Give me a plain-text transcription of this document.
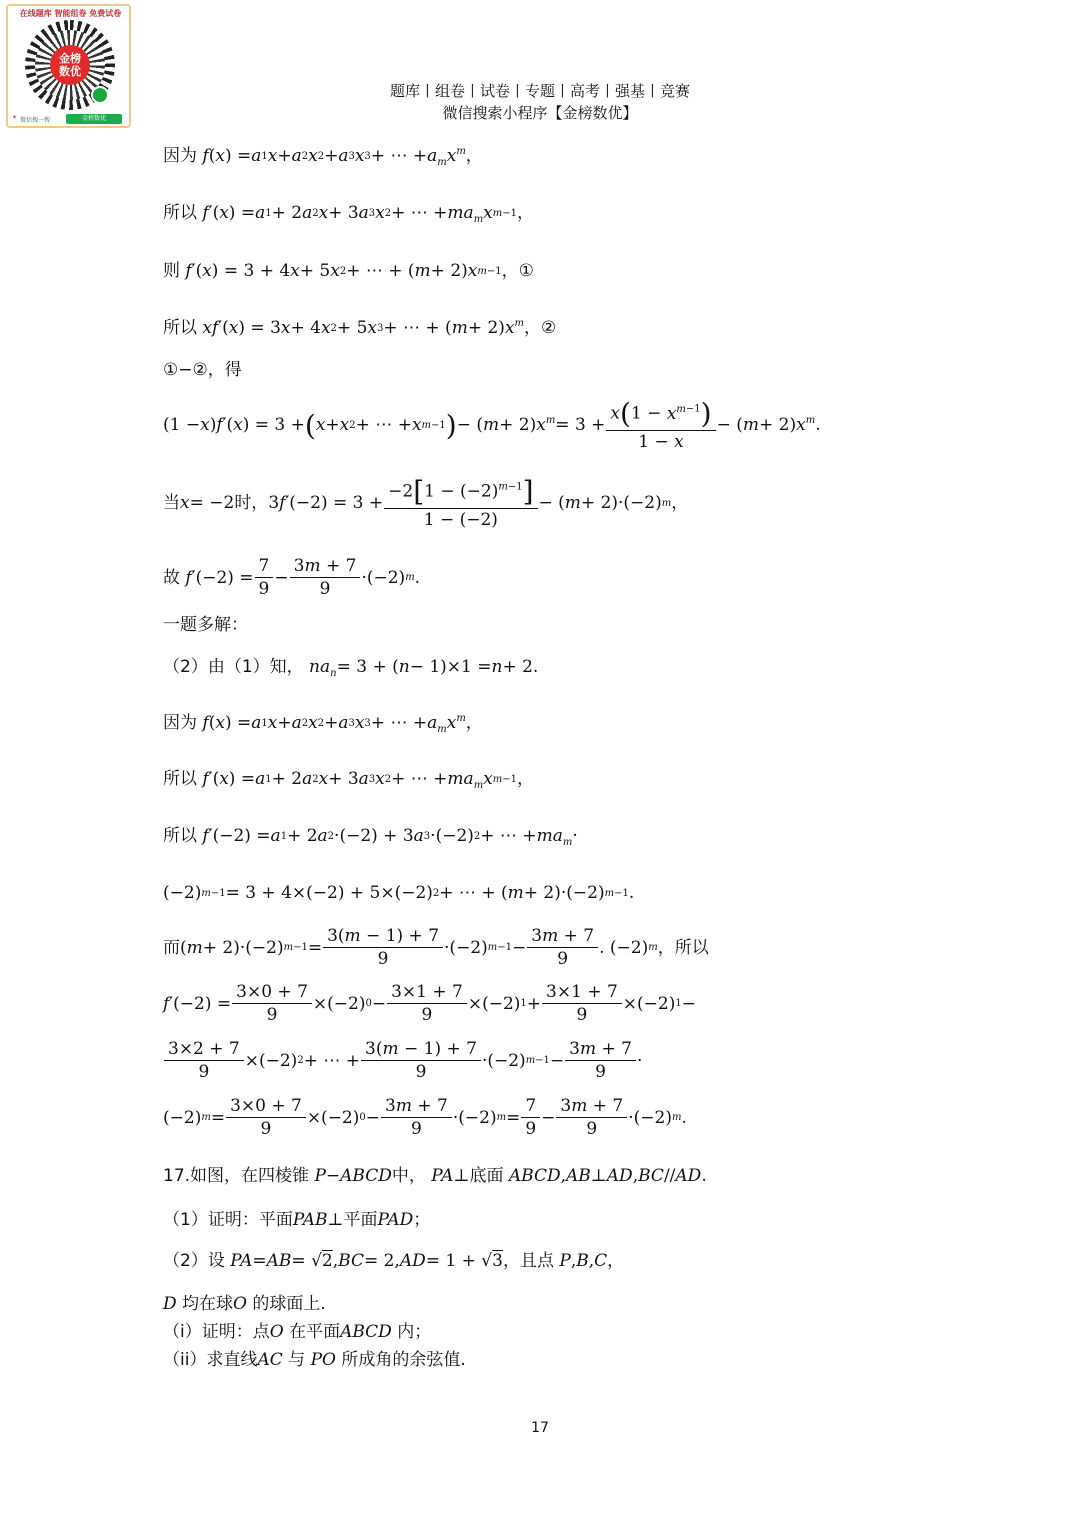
在线题库 智能组卷 免费试卷
金榜
数优
✶ 微信搜一搜	金榜数优
题库丨组卷丨试卷丨专题丨高考丨强基丨竞赛
微信搜索小程序【金榜数优】
因为
f ( x ) = a 1 x + a 2 x 2 + a 3 x 3 + ⋯ + $a_mx^m$ ，
所以
f ′( x ) = a 1 + 2 a 2 x + 3 a 3 x 2 + ⋯ + $ma_mx$ m−1 ，
则
f ′( x ) = 3 + 4 x + 5 x 2 + ⋯ + ( m + 2) x m−1 ， ①
所以
xf ′( x ) = 3 x + 4 x 2 + 5 x 3 + ⋯ + ( m + 2) $x^m$ ， ②
①−②，得
(1 − x ) f ′( x ) = 3 + ( x + x 2 + ⋯ + x m−1 ) − ( m + 2) $x^m = 3 + \frac{x(1 - x^{m-1})}{1 - x}$ − ( m + 2) $x^m$ .
当 x = −2 时， 3 f $'(-2) = 3 + \frac{-2[1 - (-2)^{m-1}]}{1 - (-2)}$ − ( m + 2)·(−2) m ，
故
f $'(-2) = \frac{7}{9} - \frac{3m + 7}{9} \cdot(-2)$ m .
一题多解：
（2）由（1）知，
$na_n = 3$ + ( n − 1)×1 = n + 2.
因为
f ( x ) = a 1 x + a 2 x 2 + a 3 x 3 + ⋯ + $a_mx^m$ ，
所以
f ′( x ) = a 1 + 2 a 2 x + 3 a 3 x 2 + ⋯ + $ma_mx$ m−1 ，
所以
f ′(−2) = a 1 + 2 a 2 ·(−2) + 3 a 3 ·(−2) 2 + ⋯ + $ma_m$ ·
(−2) m−1 = 3 + 4×(−2) + 5×(−2) 2 + ⋯ + ( m + 2)·(−2) m−1 .
而 ( m + 2)·(−2) $m-1 = \frac{3(m - 1) + 7}{9} \cdot(-2) m-1 - \frac{3m + 7}{9}$ . (−2) m ，所以
f $'(-2) = \frac{3\times 0 + 7}{9} \times(-2) 0 - \frac{3\times 1 + 7}{9} \times(-2) 1 + \frac{3\times 1 + 7}{9} \times(-2) 1$ −
$\frac{3\times 2 + 7}{9} \times(-2) 2$ + ⋯ + $\frac{3(m - 1) + 7}{9} \cdot(-2) m-1 - \frac{3m + 7}{9}$ ·
(−2) $m = \frac{3\times 0 + 7}{9} \times(-2) 0 - \frac{3m + 7}{9} \cdot(-2) m = \frac{7}{9} - \frac{3m + 7}{9} \cdot(-2)$ m .
17.如图，在四棱锥
P − ABCD 中，
PA ⊥ 底面
ABCD , AB ⊥ AD , BC // AD .
（1）证明：平面 PAB ⊥ 平面 PAD ；
（2）设
PA = AB = √ 2 , BC = 2, AD = 1 + √ 3 ，且点
P , B , C ，
D
均在球 O
的球面上.
（i）证明：点 O
在平面 ABCD
内；
（ii）求直线 AC
与
PO
所成角的余弦值.
17
